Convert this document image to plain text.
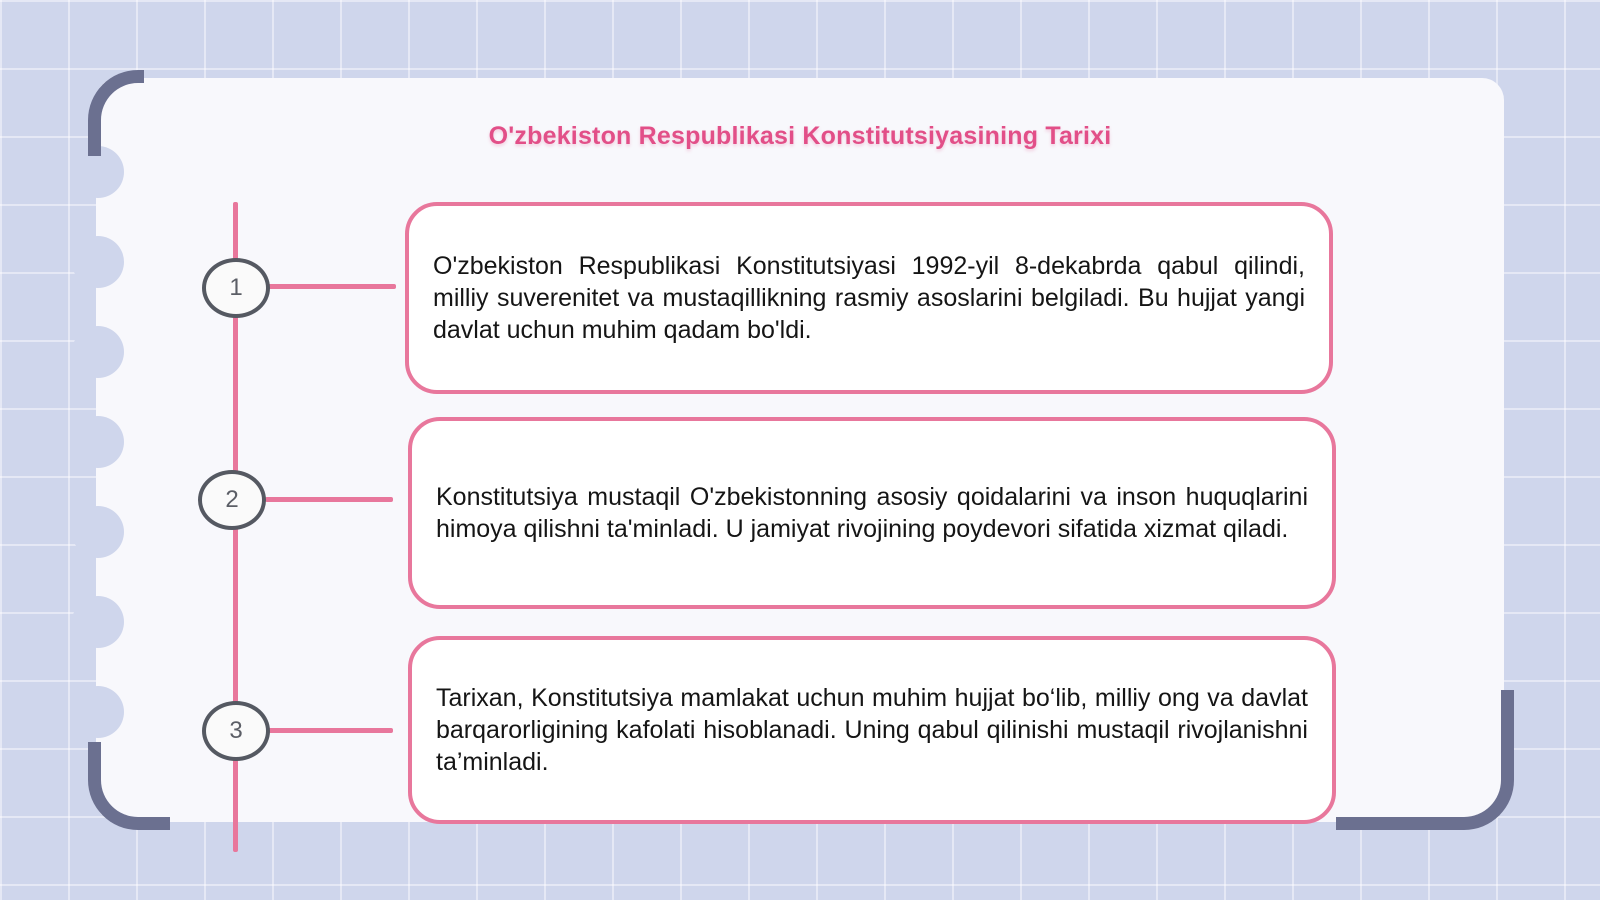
O'zbekiston Respublikasi Konstitutsiyasining Tarixi
1
2
3

O'zbekiston Respublikasi Konstitutsiyasi 1992-yil 8-dekabrda qabul qilindi, milliy suverenitet va mustaqillikning rasmiy asoslarini belgiladi. Bu hujjat yangi davlat uchun muhim qadam bo'ldi.

Konstitutsiya mustaqil O'zbekistonning asosiy qoidalarini va inson huquqlarini himoya qilishni ta'minladi. U jamiyat rivojining poydevori sifatida xizmat qiladi.

Tarixan, Konstitutsiya mamlakat uchun muhim hujjat bo‘lib, milliy ong va davlat barqarorligining kafolati hisoblanadi. Uning qabul qilinishi mustaqil rivojlanishni ta’minladi.
